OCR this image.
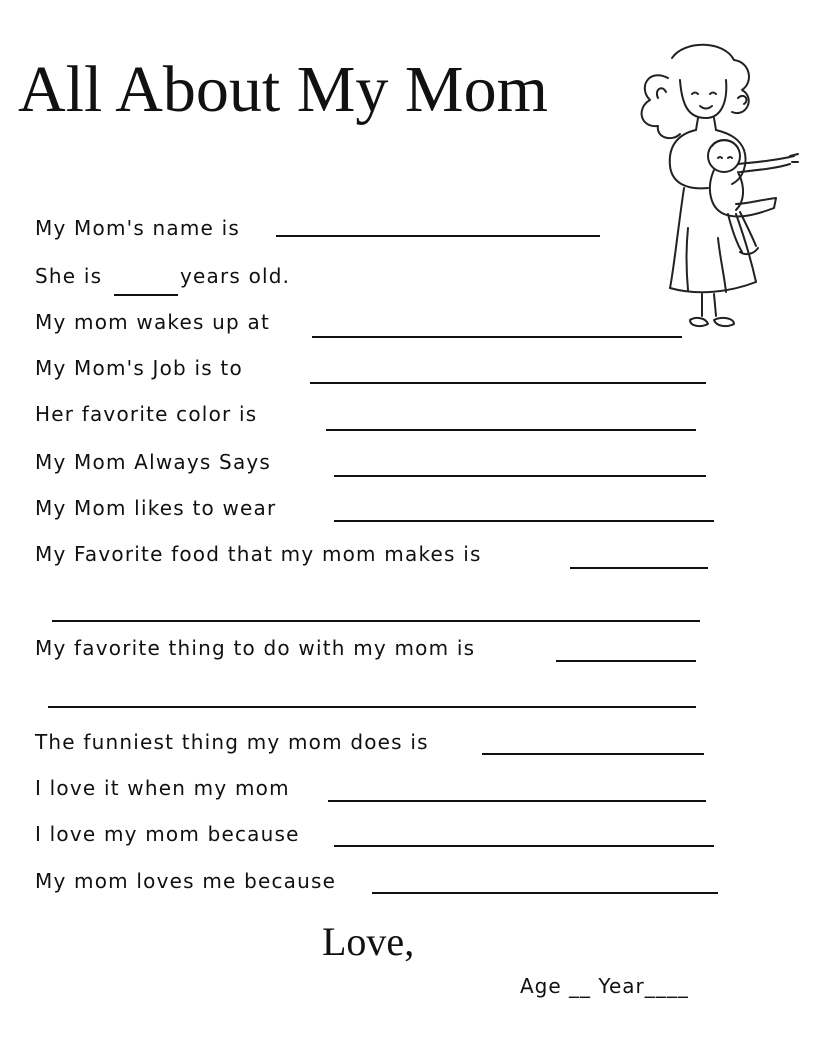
All About My Mom
My Mom's name is
She is	years old.
My mom wakes up at
My Mom's Job is to
Her favorite color is
My Mom Always Says
My Mom likes to wear
My Favorite food that my mom makes is
My favorite thing to do with my mom is
The funniest thing my mom does is
I love it when my mom
I love my mom because
My mom loves me because
Love,
Age __ Year____
